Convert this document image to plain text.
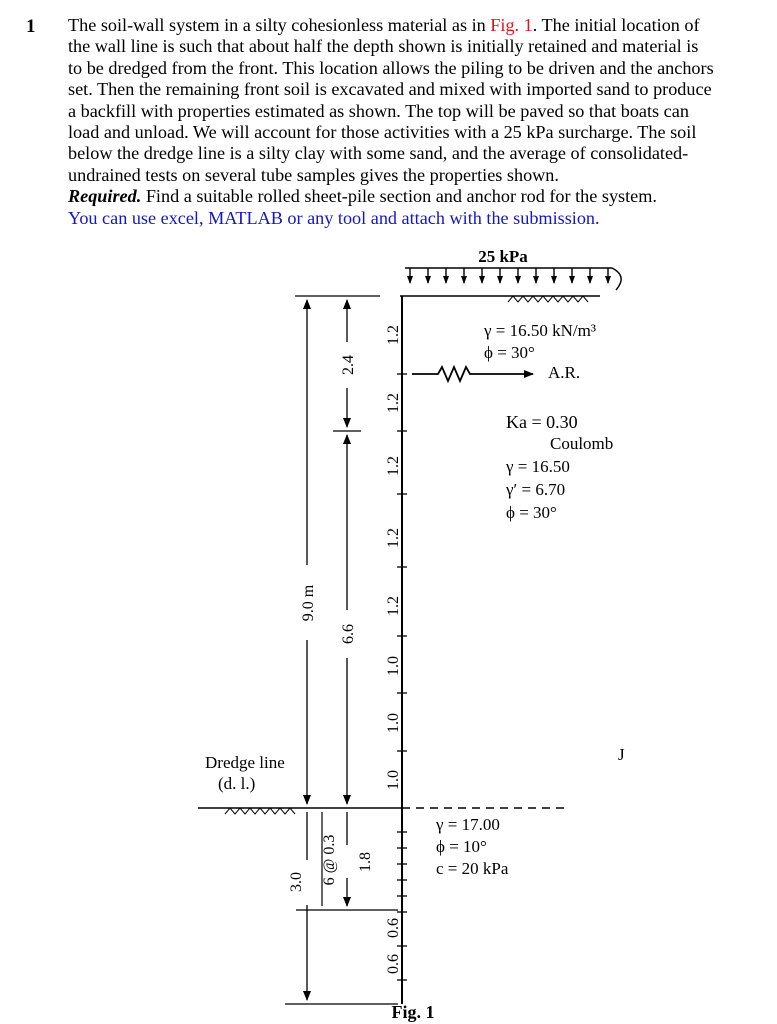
1 The soil-wall system in a silty cohesionless material as in Fig. 1. The initial location of
the wall line is such that about half the depth shown is initially retained and material is
to be dredged from the front. This location allows the piling to be driven and the anchors
set. Then the remaining front soil is excavated and mixed with imported sand to produce
a backfill with properties estimated as shown. The top will be paved so that boats can
load and unload. We will account for those activities with a 25 kPa surcharge. The soil
below the dredge line is a silty clay with some sand, and the average of consolidated-
undrained tests on several tube samples gives the properties shown.
Required. Find a suitable rolled sheet-pile section and anchor rod for the system.
You can use excel, MATLAB or any tool and attach with the submission.
25 kPa
1.2
1.2
1.2
1.2
1.2
1.0
1.0
1.0
0.6
0.6
A.R.
γ = 16.50 kN/m³
ϕ = 30°
Ka = 0.30
Coulomb
γ = 16.50
γ′ = 6.70
ϕ = 30°
J
Dredge line
(d. l.)
γ = 17.00
ϕ = 10°
c = 20 kPa
9.0 m
2.4
6.6
3.0 6 @ 0.3 1.8
Fig. 1
